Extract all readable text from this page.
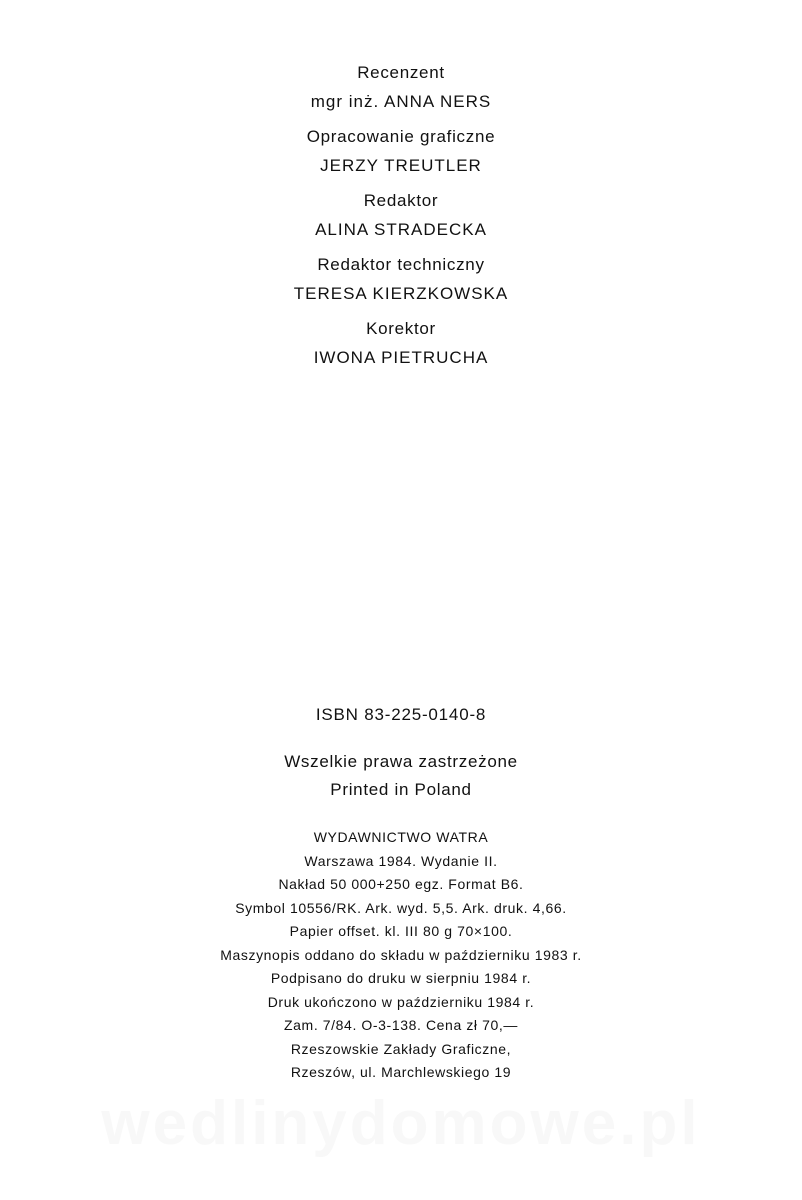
Recenzent
mgr inż. ANNA NERS
Opracowanie graficzne
JERZY TREUTLER
Redaktor
ALINA STRADECKA
Redaktor techniczny
TERESA KIERZKOWSKA
Korektor
IWONA PIETRUCHA
ISBN 83-225-0140-8
Wszelkie prawa zastrzeżone
Printed in Poland
WYDAWNICTWO WATRA
Warszawa 1984. Wydanie II.
Nakład 50 000+250 egz. Format B6.
Symbol 10556/RK. Ark. wyd. 5,5. Ark. druk. 4,66.
Papier offset. kl. III 80 g 70×100.
Maszynopis oddano do składu w październiku 1983 r.
Podpisano do druku w sierpniu 1984 r.
Druk ukończono w październiku 1984 r.
Zam. 7/84. O-3-138. Cena zł 70,—
Rzeszowskie Zakłady Graficzne,
Rzeszów, ul. Marchlewskiego 19
wedlinydomowe.pl
